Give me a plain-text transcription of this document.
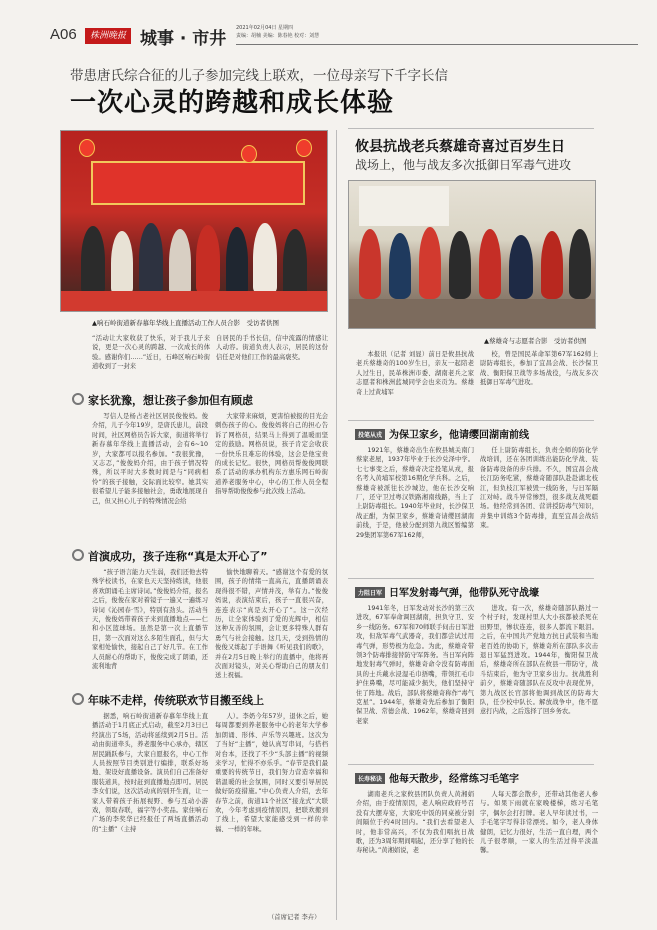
A06	株洲晚报 城事 · 市井
2021年02月04日 星期四
责编：胡楠 美编：陈春艳 校对：刘慧
带患唐氏综合征的儿子参加完线上联欢，一位母亲写下千字长信
一次心灵的跨越和成长体验
▲响石岭街道新春慕年华线上直播活动工作人员合影　受访者供图
“活动让大家收获了快乐，对于我儿子来说，更是一次心灵的跨越、一次成长的体验。感谢你们……”近日，石峰区响石岭街道收到了一封来
自居民的手书长信，信中流露的情感让人动容。街道负责人表示，居民的这份信任是对他们工作的最高褒奖。
家长犹豫，想让孩子参加但有顾虑

写信人是杨占老社区居民俊俊妈。俊介绍，儿子今年19岁，是唐氏患儿，前段时间，社区网格员告诉大家，街道将举行新春慕年华线上直播活动，会有6~10岁，大家都可以报名参加。“我很犹豫，又志忑，”俊俊妈介绍，由于孩子情况特殊，所以平时大多数时间是与“同病相怜”的孩子接触，交际面比较窄。她其实很希望儿子能多接触社会，勇敢地展现自己，但又担心儿子的特殊情况会给

大家带来麻烦，更害怕被报的目光会刺伤孩子的心。俊俊妈将自己的担心告诉了网格员，结果马上得到了温暖而坚定的鼓励。网格员说，孩子肯定会收获一份快乐且难忘的体验，这会是他宝贵的成长记忆。很快，网格员帮俊俊网联系了活动的承办机构东方惠乐网石岭街道养老服务中心，中心的工作人员全程指导帮助俊俊参与此次线上活动。

首演成功，孩子连称“真是太开心了”

“孩子语言能力天生弱，我们还他去特殊学校读书，在家也天天坚持练读，他很喜欢朗诵毛主席诗词。”俊俊妈介绍，报名之后，俊俊在家对着镜子一遍又一遍练习诗词《沁园春·雪》，特别有劲头。活动当天，俊俊妈带着孩子来到直播地点——仁和小区篮球场。虽然是第一次上直播节目，第一次面对这么多陌生面孔，但与大家相处愉快，接起自己了好几节。在工作人员耐心的帮助下，俊俊完成了朗诵，还流利地背

愉快地聊着天。“感谢这个有爱的氛围，孩子的情绪一直高亢，直播朗诵表现得很不错，声情并茂，举有力。”俊俊妈说，表演结束后，孩子一直很兴奋，连连表示“真是太开心了”。这一次经历，让全家体验到了爱的光辉中，相信这种友善的氛围，会让更多特殊人群有勇气与社会接触。这几天，受到热情的俊俊又练起了手语舞《听见我们的歌》，并在2月5日晚上举行的直播中，他将再次面对镜头，对关心帮助自己的朋友们送上祝福。

年味不走样，传统联欢节目搬至线上

据悉，响石岭街道新春慕年华线上直播活动于1月底正式启动，截至2月3日已经演出了5场，活动将延续到2月5日。活动由街道牵头，养老服务中心承办，辖区居民踊跃参与，大家自愿报名，中心工作人员按照节目类别进行编排，联系好场地、架设好直播设备。演员们自己准备好服装道具，按时赶到直播地点即可。居民李女们说，这次活动真的别开生面，让一家人带着孩子拓展视野、参与互动小游戏，领取春联，福字等小奖品。家住响石广场的李奖华已经报任了两场直播活动的“主播”（主持

人）。李奶今年57岁，退休之后，她每周都要到养老服务中心的老年大学参加朗诵、形体、声乐等兴趣班。这次为了当好“主播”，她认真写串词，与搭档对台本，还找了不少“头部主播”的视频来学习，忙得不亦乐乎。“春节是我们最重要的传统节日，我们努力营造幸福和谐温暖的社会氛围，同时又要引导居民做好防疫措施。”中心负责人介绍，去年春节之前，街道11个社区“接龙式”大联欢，今年考虑到疫情原因，把联欢搬到了线上，希望大家能感受到一样的幸福、一样的年味。

（首席记者 李卉）
攸县抗战老兵蔡雄奇喜过百岁生日
战场上，他与战友多次抵御日军毒气进攻
▲蔡雄奇与志愿者合影　受访者供图

本报讯（记者 刘显）前日是攸县抗战老兵蔡雄奇的100岁生日，亲友一起陪老人过生日，民革株洲市委、湖南老兵之家志愿者和株洲蓝城同学会也来贡为。蔡雄奇上过黄埔军

校，曾是国民革命军第67军162师上尉防毒组长，参加了宜昌会战、长沙保卫战、衡阳保卫战等多场战役，与战友多次抵御日军毒气进攻。

投笔从戎 为保卫家乡，他请缨回湖南前线

1921年，蔡雄奇出生在攸县城关南门蔡家老屋，1937年毕业于长沙兑泽中学。七七事变之后，蔡雄奇决定投笔从戎，报名考入黄埔军校第16期化学兵科。之后，蔡雄奇被派往长沙城边，他在长沙交响厂，还守卫过粤汉铁路湘南线路，当上了上尉防毒组长。1940年毕业时，长沙保卫战正酣，为保卫家乡，蔡雄奇请缨回湖南前线，于是，他被分配到第九战区暂编第29集团军第67军162师，

任上尉防毒组长，负责全师的防化学战培训，还在各团训练出能防化学战、装备防毒设备的步兵排。不久，国宜昌会战长江防务吃紧，蔡雄奇随部队赴赴湖北枝江，但负枝江军被毁一线防务，与日军隔江对峙。战斗异常惨烈，很多战友战死疆场。他经常到各团、营讲授防毒气知识，并集中训练3个防毒排，直至宜昌会战结束。

力阻日军 日军发射毒气弹，他带队死守战壕

1941年冬，日军发动对长沙的第三次进攻，67军奉命调回湖南，担负守卫、安乡一线防务。67军和70师联手伺击日军进攻，但敌军毒气武器奇，我们都尝试过用毒气弹，形势极为危急。为此，蔡雄奇带领3个防毒排接替防守军阵务。当日军向阵地发射毒气弹时，蔡雄奇命令没有防毒面具的士兵戴水浸湿毛巾捂嘴，带领扛毛巾护住鼻嘴，尽可能减少损失，他们坚持守住了阵地。战后，部队将蔡雄奇称作“毒气克星”。1944年，蔡雄奇先后参加了衡阳保卫战、常德会战、1962年，蔡雄奇回到老家

进攻。有一次，蔡雄奇随部队路过一个村子时，发现村里人大小孩都被杀死在田野里，惨状连连，很多人都流下眼泪。之后，在中国共产党地方抗日武装和当地老百姓的协助下，蔡雄奇所在部队多次击退日军猛烈进攻。1944年，衡阳保卫战后，蔡雄奇所在部队在攸县一带防守，战斗结束后，他为守卫家乡出力。抗战胜利前夕，蔡雄奇随部队在反攻中表现优异，第九战区长官部将他调到战区的防毒大队，任少校中队长。解放战争中，他不愿意打内战，之后选择了回乡务农。

长寿秘诀 他每天散步，经常练习毛笔字

湖南老兵之家攸县团队负责人黄湘娟介绍，由于疫情原因，老人响应政府号召没有大摆寿宴，大家吃中饭的同桌被分别间隔位于约4时回内。“我们去看望老人时，他非常高兴，不仅为我们唱抗日战歌，还为3周年期间唱起，还分享了他的长寿秘诀。”黄湘娟说，老

人每天都会散步，还带动其他老人参与。如果下雨就在家晚楼梯，练习毛笔字，偶尔会打打牌。老人早年读过书，一手毛笔字写得非常漂亮。如今，老人身体健朗，记忆力很好，生活一直自理，两个儿子很孝顺，一家人的生活过得平淡温馨。
